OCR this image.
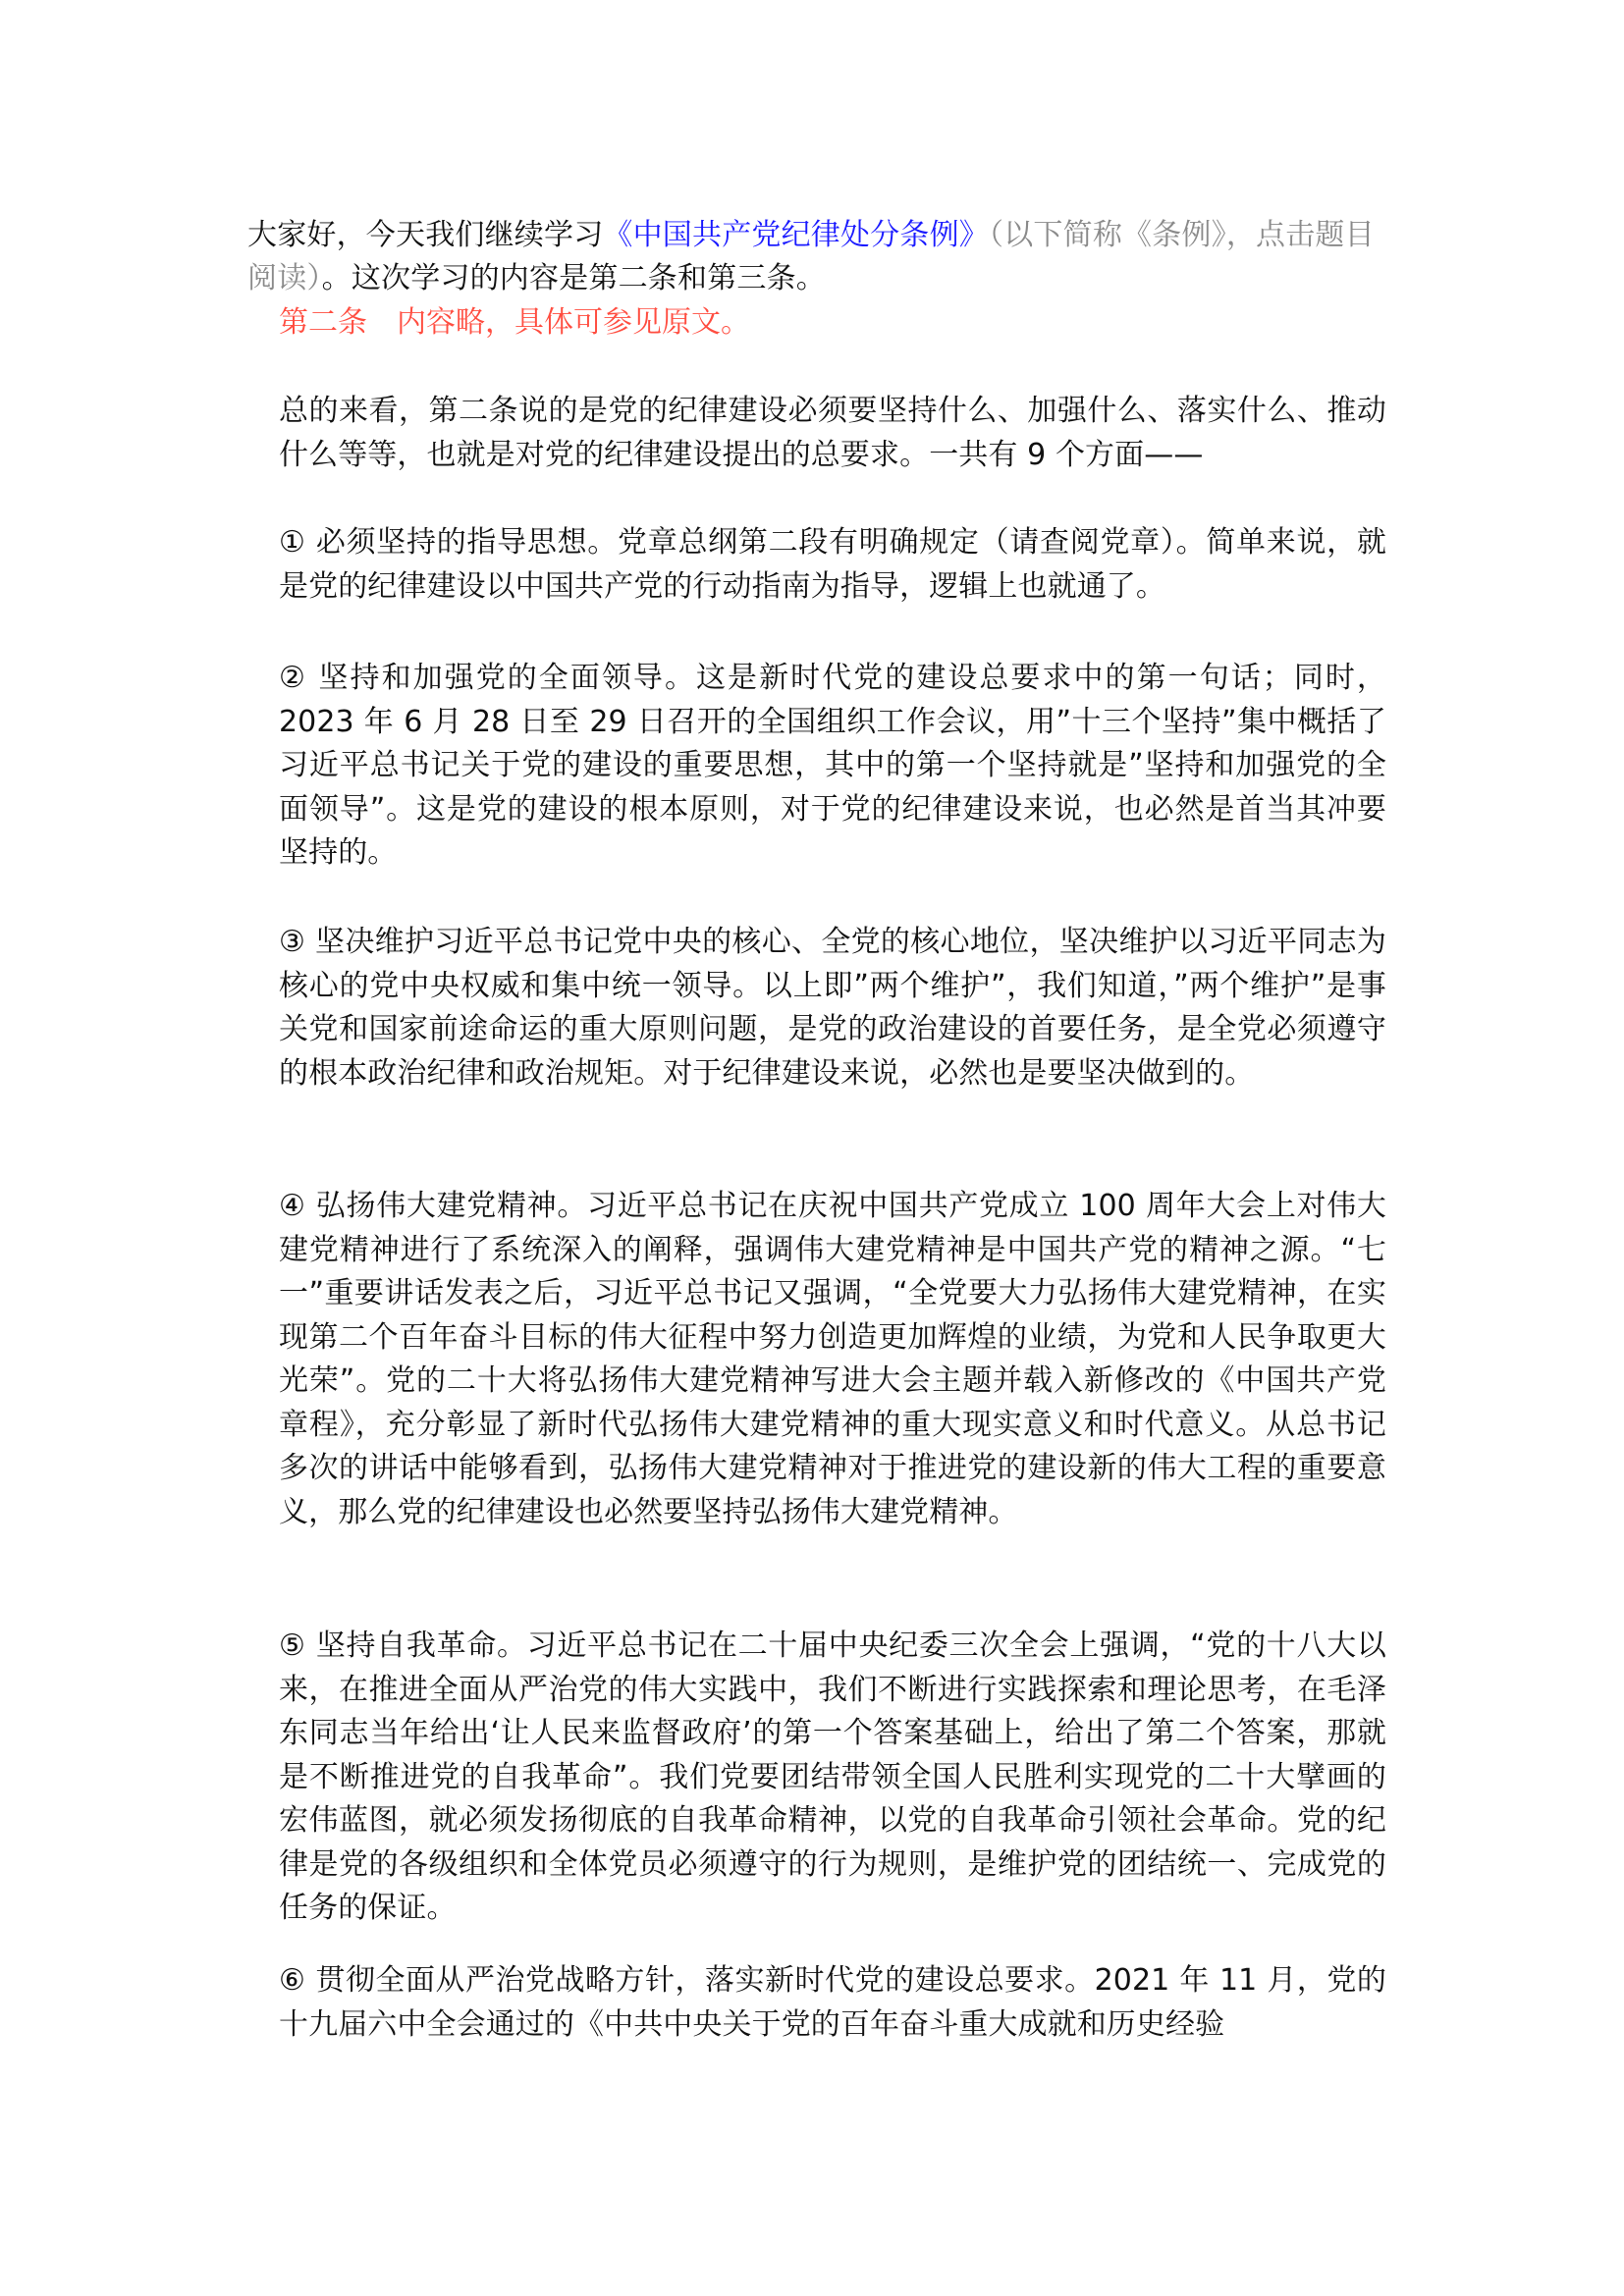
大家好，今天我们继续学习《中国共产党纪律处分条例》（以下简称《条例》，点击题目阅读）。这次学习的内容是第二条和第三条。
第二条 内容略，具体可参见原文。
总的来看，第二条说的是党的纪律建设必须要坚持什么、加强什么、落实什么、推动什么等等，也就是对党的纪律建设提出的总要求。一共有 9 个方面——
① 必须坚持的指导思想。党章总纲第二段有明确规定（请查阅党章）。简单来说，就是党的纪律建设以中国共产党的行动指南为指导，逻辑上也就通了。
② 坚持和加强党的全面领导。这是新时代党的建设总要求中的第一句话；同时，2023 年 6 月 28 日至 29 日召开的全国组织工作会议，用”十三个坚持”集中概括了习近平总书记关于党的建设的重要思想，其中的第一个坚持就是”坚持和加强党的全面领导”。这是党的建设的根本原则，对于党的纪律建设来说，也必然是首当其冲要坚持的。
③ 坚决维护习近平总书记党中央的核心、全党的核心地位，坚决维护以习近平同志为核心的党中央权威和集中统一领导。以上即”两个维护”，我们知道，”两个维护”是事关党和国家前途命运的重大原则问题，是党的政治建设的首要任务，是全党必须遵守的根本政治纪律和政治规矩。对于纪律建设来说，必然也是要坚决做到的。
④ 弘扬伟大建党精神。习近平总书记在庆祝中国共产党成立 100 周年大会上对伟大建党精神进行了系统深入的阐释，强调伟大建党精神是中国共产党的精神之源。“七一”重要讲话发表之后，习近平总书记又强调，“全党要大力弘扬伟大建党精神，在实现第二个百年奋斗目标的伟大征程中努力创造更加辉煌的业绩，为党和人民争取更大光荣”。党的二十大将弘扬伟大建党精神写进大会主题并载入新修改的《中国共产党章程》，充分彰显了新时代弘扬伟大建党精神的重大现实意义和时代意义。从总书记多次的讲话中能够看到，弘扬伟大建党精神对于推进党的建设新的伟大工程的重要意义，那么党的纪律建设也必然要坚持弘扬伟大建党精神。
⑤ 坚持自我革命。习近平总书记在二十届中央纪委三次全会上强调，“党的十八大以来，在推进全面从严治党的伟大实践中，我们不断进行实践探索和理论思考，在毛泽东同志当年给出‘让人民来监督政府’的第一个答案基础上，给出了第二个答案，那就是不断推进党的自我革命”。我们党要团结带领全国人民胜利实现党的二十大擘画的宏伟蓝图，就必须发扬彻底的自我革命精神，以党的自我革命引领社会革命。党的纪律是党的各级组织和全体党员必须遵守的行为规则，是维护党的团结统一、完成党的任务的保证。
⑥ 贯彻全面从严治党战略方针，落实新时代党的建设总要求。2021 年 11 月，党的十九届六中全会通过的《中共中央关于党的百年奋斗重大成就和历史经验
